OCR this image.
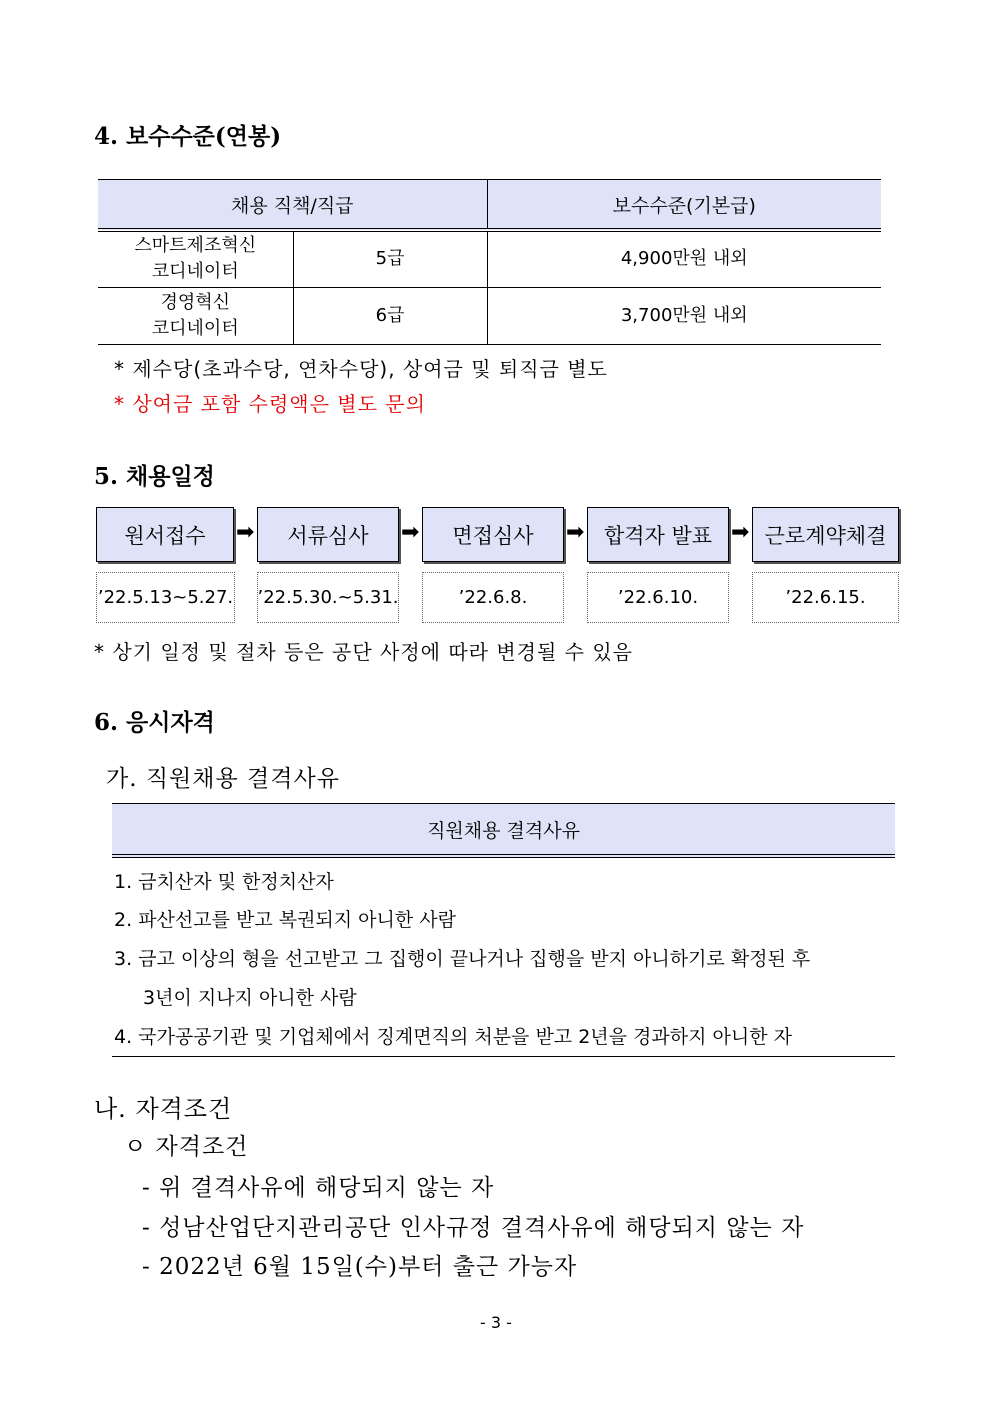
4. 보수수준(연봉)
채용 직책/직급		보수수준(기본급)

스마트제조혁신
코디네이터	5급	4,900만원 내외

경영혁신
코디네이터	6급	3,700만원 내외
* 제수당(초과수당, 연차수당), 상여금 및 퇴직금 별도
* 상여금 포함 수령액은 별도 문의
5. 채용일정
원서접수	➡	서류심사	➡	면접심사	➡ 합격자 발표 ➡ 근로계약체결
’22.5.13~5.27. ’22.5.30.~5.31.	’22.6.8.	’22.6.10.	’22.6.15.
* 상기 일정 및 절차 등은 공단 사정에 따라 변경될 수 있음
6. 응시자격
가. 직원채용 결격사유
직원채용 결격사유
1. 금치산자 및 한정치산자
2. 파산선고를 받고 복권되지 아니한 사람
3. 금고 이상의 형을 선고받고 그 집행이 끝나거나 집행을 받지 아니하기로 확정된 후
3년이 지나지 아니한 사람
4. 국가공공기관 및 기업체에서 징계면직의 처분을 받고 2년을 경과하지 아니한 자
나. 자격조건
ㅇ 자격조건
- 위 결격사유에 해당되지 않는 자
- 성남산업단지관리공단 인사규정 결격사유에 해당되지 않는 자
- 2022년 6월 15일(수)부터 출근 가능자
- 3 -
